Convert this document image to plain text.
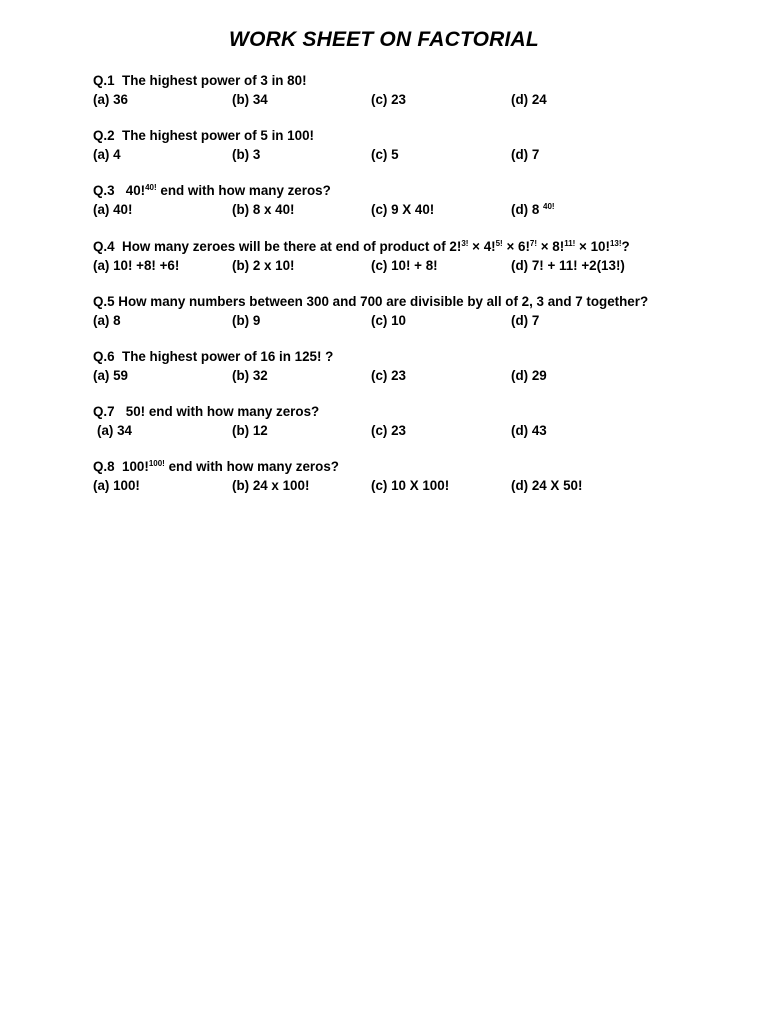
WORK SHEET ON FACTORIAL
Q.1  The highest power of 3 in 80!
(a) 36	(b) 34	(c) 23	(d) 24
Q.2  The highest power of 5 in 100!
(a) 4	(b) 3	(c) 5	(d) 7
Q.3   40!$^{40!}$ end with how many zeros?
(a) 40!	(b) 8 x 40!	(c) 9 X 40!	(d) 8 $^{40!}$
Q.4  How many zeroes will be there at end of product of 2!$^{3!}$ × 4!$^{5!}$ × 6!$^{7!}$ × 8!$^{11!}$ × 10!$^{13!}$?
(a) 10! +8! +6!	(b) 2 x 10!	(c) 10! + 8!	(d) 7! + 11! +2(13!)
Q.5 How many numbers between 300 and 700 are divisible by all of 2, 3 and 7 together?
(a) 8	(b) 9	(c) 10	(d) 7
Q.6  The highest power of 16 in 125! ?
(a) 59	(b) 32	(c) 23	(d) 29
Q.7   50! end with how many zeros?
(a) 34	(b) 12	(c) 23	(d) 43
Q.8  100!$^{100!}$ end with how many zeros?
(a) 100!	(b) 24 x 100!	(c) 10 X 100!	(d) 24 X 50!
